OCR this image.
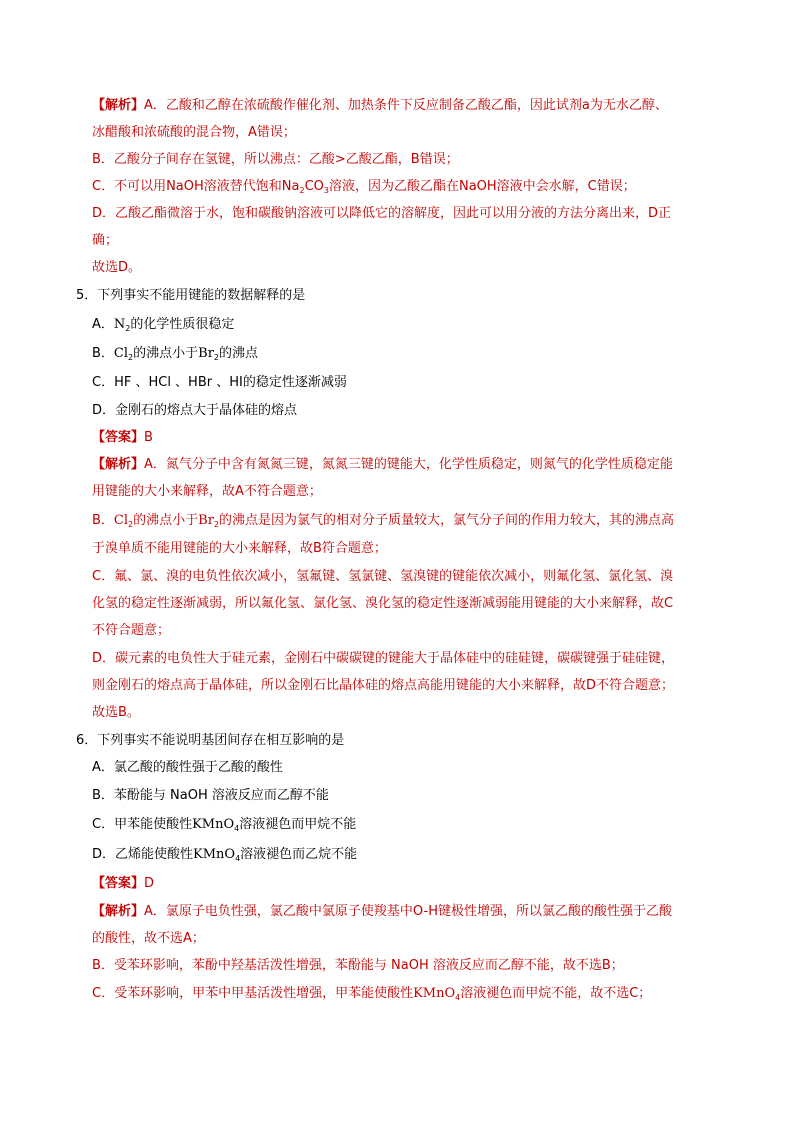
【解析】A．乙酸和乙醇在浓硫酸作催化剂、加热条件下反应制备乙酸乙酯，因此试剂a为无水乙醇、
冰醋酸和浓硫酸的混合物，A错误；
B．乙酸分子间存在氢键，所以沸点：乙酸>乙酸乙酯，B错误；
C．不可以用NaOH溶液替代饱和$Na_2CO_3$溶液，因为乙酸乙酯在NaOH溶液中会水解，C错误；
D．乙酸乙酯微溶于水，饱和碳酸钠溶液可以降低它的溶解度，因此可以用分液的方法分离出来，D正
确；
故选D。
5．下列事实不能用键能的数据解释的是
A．$N_2$的化学性质很稳定
B．$Cl_2$的沸点小于$Br_2$的沸点
C．HF 、HCl 、HBr 、HI的稳定性逐渐减弱
D．金刚石的熔点大于晶体硅的熔点
【答案】B
【解析】A．氮气分子中含有氮氮三键，氮氮三键的键能大，化学性质稳定，则氮气的化学性质稳定能
用键能的大小来解释，故A不符合题意；
B．$Cl_2$的沸点小于$Br_2$的沸点是因为氯气的相对分子质量较大，氯气分子间的作用力较大，其的沸点高
于溴单质不能用键能的大小来解释，故B符合题意；
C．氟、氯、溴的电负性依次减小，氢氟键、氢氯键、氢溴键的键能依次减小，则氟化氢、氯化氢、溴
化氢的稳定性逐渐减弱，所以氟化氢、氯化氢、溴化氢的稳定性逐渐减弱能用键能的大小来解释，故C
不符合题意；
D．碳元素的电负性大于硅元素，金刚石中碳碳键的键能大于晶体硅中的硅硅键，碳碳键强于硅硅键，
则金刚石的熔点高于晶体硅，所以金刚石比晶体硅的熔点高能用键能的大小来解释，故D不符合题意；
故选B。
6．下列事实不能说明基团间存在相互影响的是
A．氯乙酸的酸性强于乙酸的酸性
B．苯酚能与 NaOH 溶液反应而乙醇不能
C．甲苯能使酸性KMnO$_4$溶液褪色而甲烷不能
D．乙烯能使酸性KMnO$_4$溶液褪色而乙烷不能
【答案】D
【解析】A．氯原子电负性强，氯乙酸中氯原子使羧基中O-H键极性增强，所以氯乙酸的酸性强于乙酸
的酸性，故不选A；
B．受苯环影响，苯酚中羟基活泼性增强，苯酚能与 NaOH 溶液反应而乙醇不能，故不选B；
C．受苯环影响，甲苯中甲基活泼性增强，甲苯能使酸性KMnO$_4$溶液褪色而甲烷不能，故不选C；
